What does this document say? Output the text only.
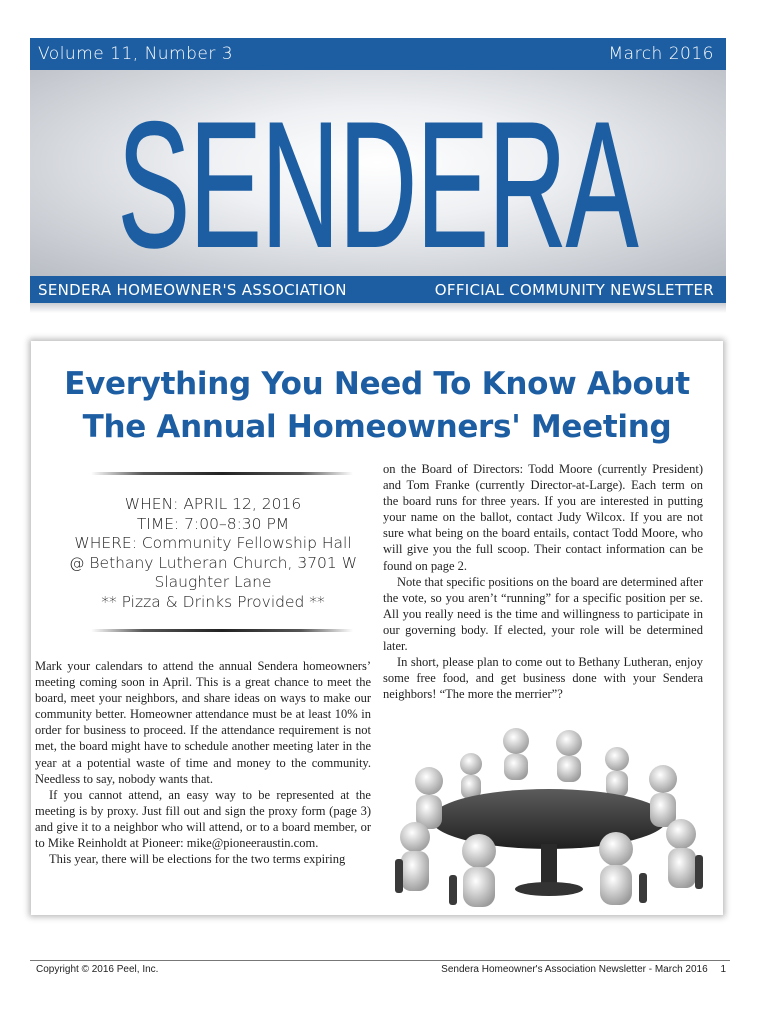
Volume 11, Number 3	March 2016
SENDERA
SENDERA HOMEOWNER'S ASSOCIATION	OFFICIAL COMMUNITY NEWSLETTER
Everything You Need To Know About
The Annual Homeowners' Meeting
WHEN: APRIL 12, 2016
TIME: 7:00–8:30 PM
WHERE: Community Fellowship Hall
@ Bethany Lutheran Church, 3701 W
Slaughter Lane
** Pizza & Drinks Provided **

Mark your calendars to attend the annual Sendera homeowners’ meeting coming soon in April. This is a great chance to meet the board, meet your neighbors, and share ideas on ways to make our community better. Homeowner attendance must be at least 10% in order for business to proceed. If the attendance requirement is not met, the board might have to schedule another meeting later in the year at a potential waste of time and money to the community. Needless to say, nobody wants that.

If you cannot attend, an easy way to be represented at the meeting is by proxy. Just fill out and sign the proxy form (page 3) and give it to a neighbor who will attend, or to a board member, or to Mike Reinholdt at Pioneer: mike@pioneeraustin.com.

This year, there will be elections for the two terms expiring

on the Board of Directors: Todd Moore (currently President) and Tom Franke (currently Director-at-Large). Each term on the board runs for three years. If you are interested in putting your name on the ballot, contact Judy Wilcox. If you are not sure what being on the board entails, contact Todd Moore, who will give you the full scoop. Their contact information can be found on page 2.

Note that specific positions on the board are determined after the vote, so you aren’t “running” for a specific position per se. All you really need is the time and willingness to participate in our governing body. If elected, your role will be determined later.

In short, please plan to come out to Bethany Lutheran, enjoy some free food, and get business done with your Sendera neighbors! “The more the merrier”?

Copyright © 2016 Peel, Inc.	Sendera Homeowner's Association Newsletter - March 2016 1
